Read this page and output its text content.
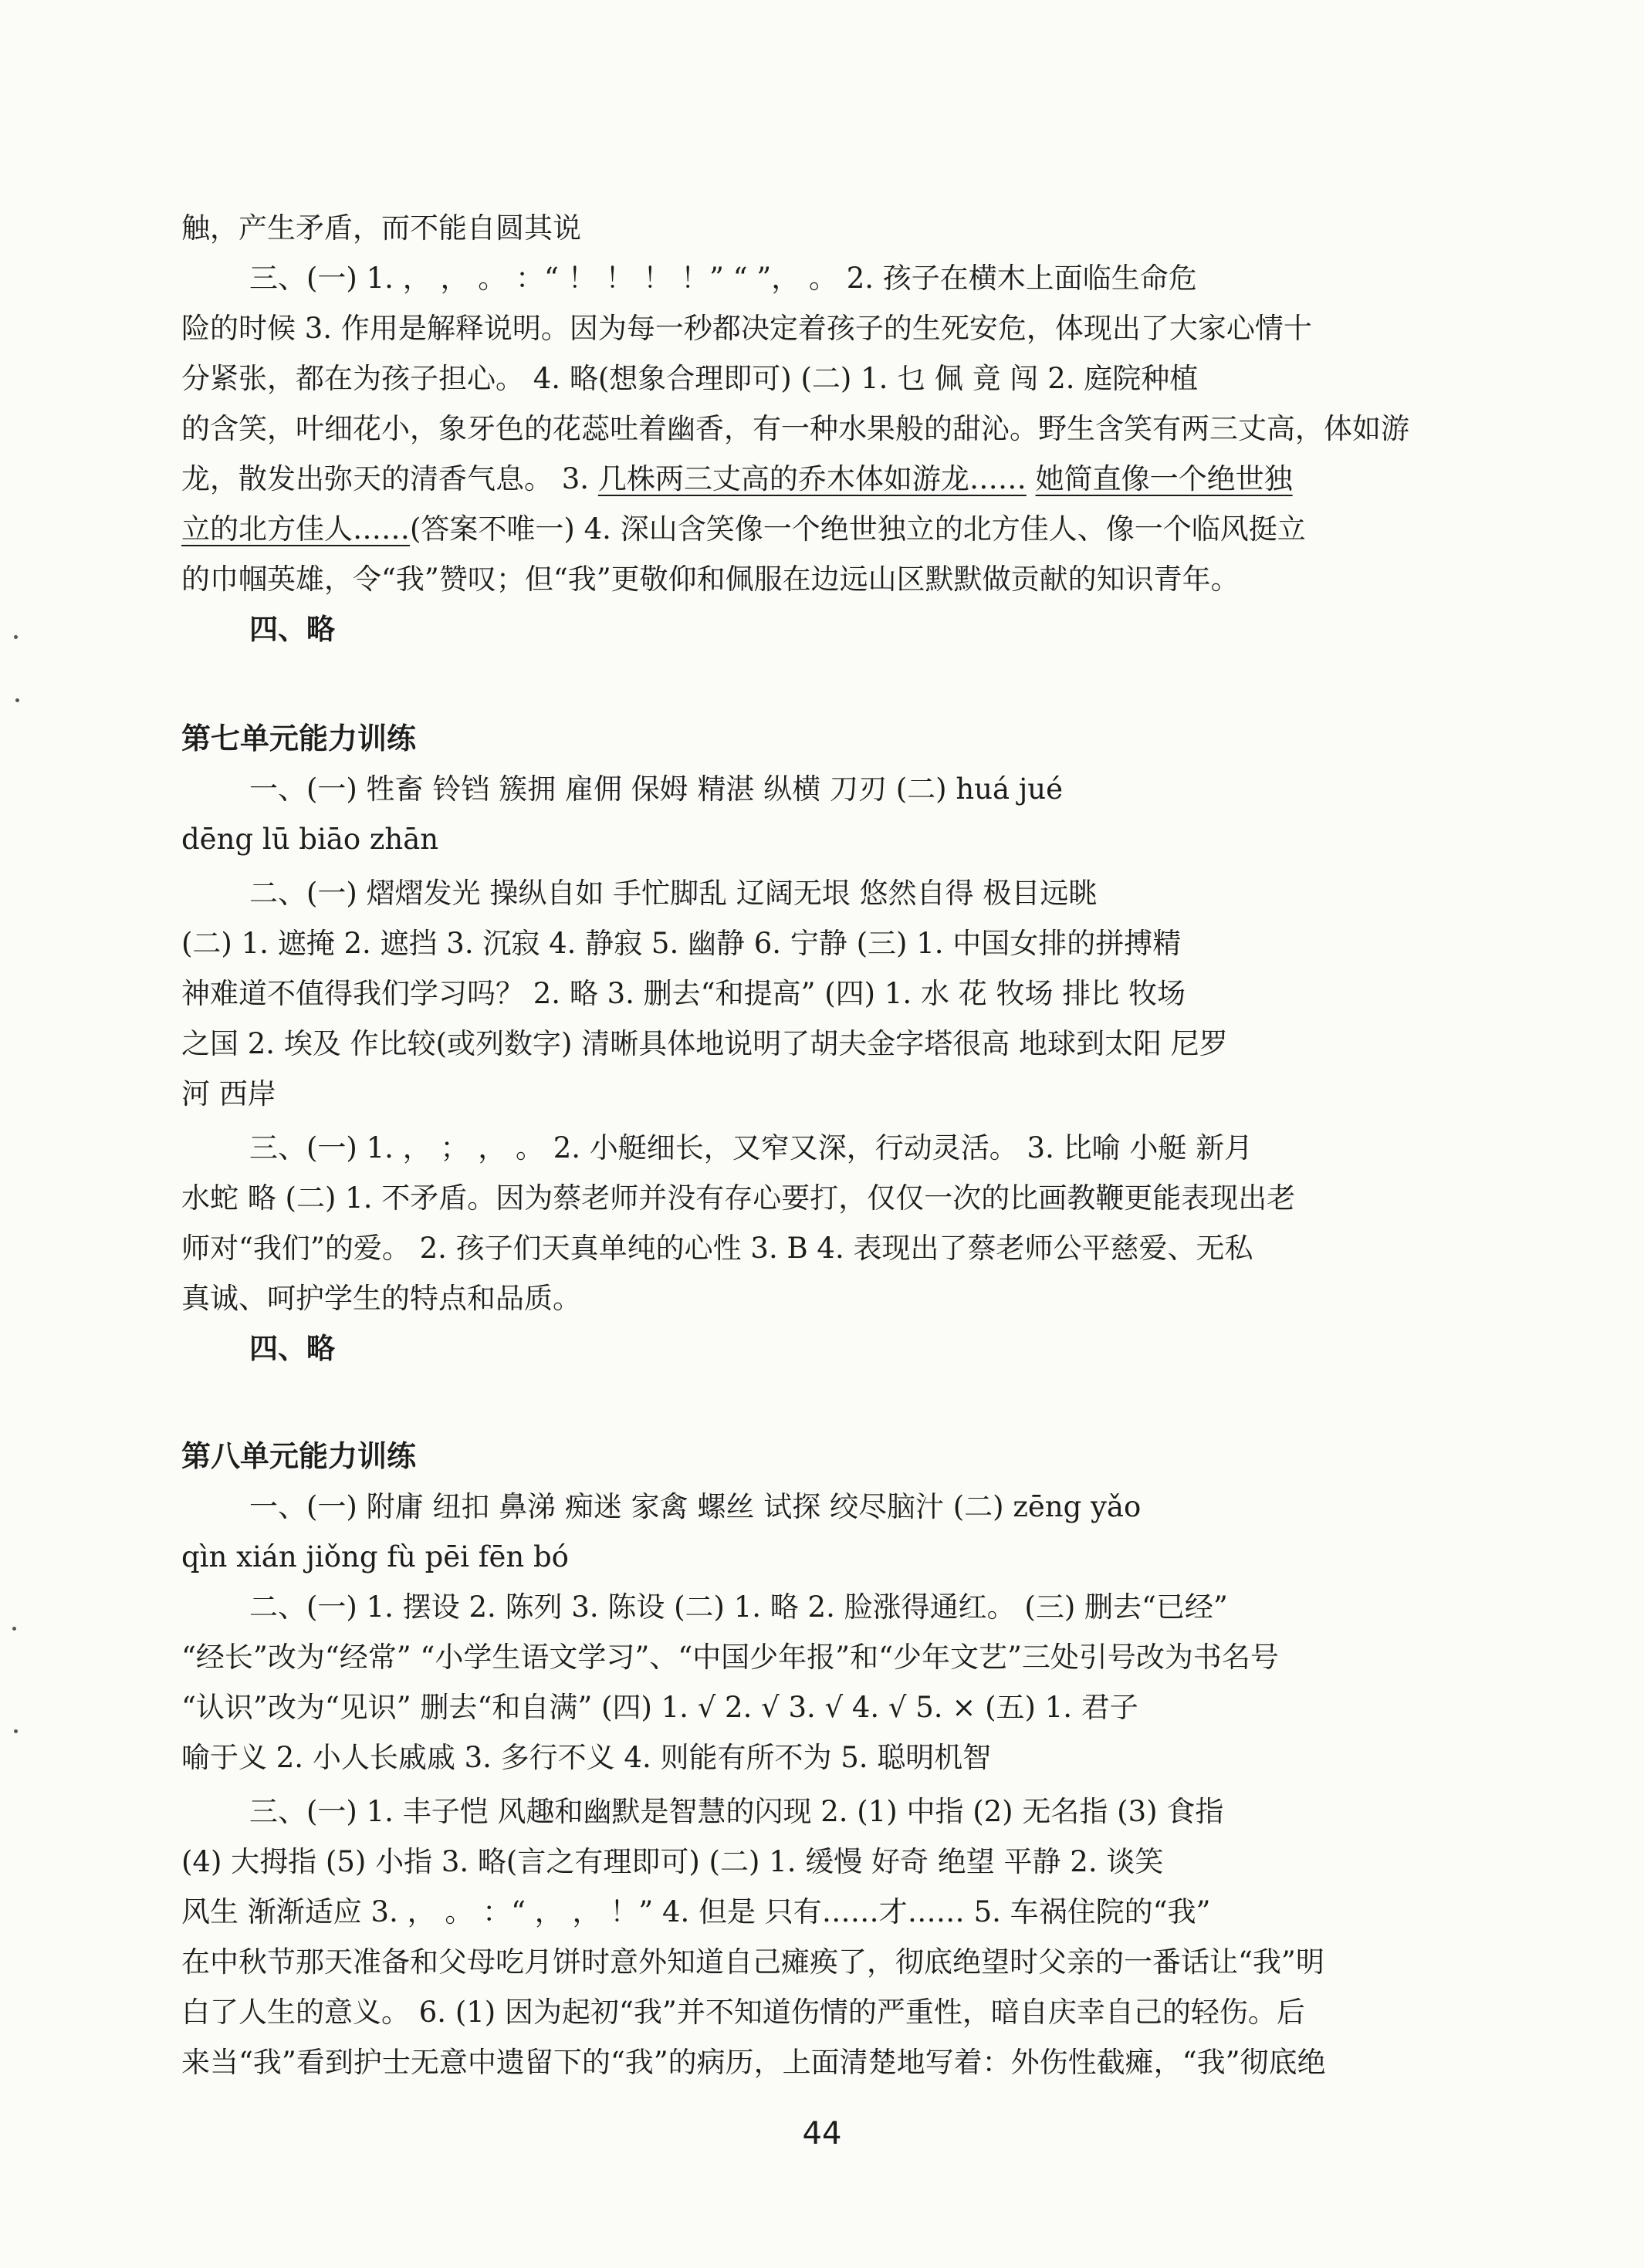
触，产生矛盾，而不能自圆其说

三、(一) 1. ， ， 。 ：“ ！ ！ ！ ！” “ ”， 。 2. 孩子在横木上面临生命危

险的时候 3. 作用是解释说明。因为每一秒都决定着孩子的生死安危，体现出了大家心情十

分紧张，都在为孩子担心。 4. 略(想象合理即可) (二) 1. 乜 佩 竟 闯 2. 庭院种植

的含笑，叶细花小，象牙色的花蕊吐着幽香，有一种水果般的甜沁。野生含笑有两三丈高，体如游

龙，散发出弥天的清香气息。 3. 几株两三丈高的乔木体如游龙…… 她简直像一个绝世独

立的北方佳人……(答案不唯一) 4. 深山含笑像一个绝世独立的北方佳人、像一个临风挺立

的巾帼英雄，令“我”赞叹；但“我”更敬仰和佩服在边远山区默默做贡献的知识青年。

四、略

第七单元能力训练

一、(一) 牲畜 铃铛 簇拥 雇佣 保姆 精湛 纵横 刀刃 (二) huá jué

dēng lū biāo zhān

二、(一) 熠熠发光 操纵自如 手忙脚乱 辽阔无垠 悠然自得 极目远眺

(二) 1. 遮掩 2. 遮挡 3. 沉寂 4. 静寂 5. 幽静 6. 宁静 (三) 1. 中国女排的拼搏精

神难道不值得我们学习吗？ 2. 略 3. 删去“和提高” (四) 1. 水 花 牧场 排比 牧场

之国 2. 埃及 作比较(或列数字) 清晰具体地说明了胡夫金字塔很高 地球到太阳 尼罗

河 西岸

三、(一) 1. ， ； ， 。 2. 小艇细长，又窄又深，行动灵活。 3. 比喻 小艇 新月

水蛇 略 (二) 1. 不矛盾。因为蔡老师并没有存心要打，仅仅一次的比画教鞭更能表现出老

师对“我们”的爱。 2. 孩子们天真单纯的心性 3. B 4. 表现出了蔡老师公平慈爱、无私

真诚、呵护学生的特点和品质。

四、略

第八单元能力训练

一、(一) 附庸 纽扣 鼻涕 痴迷 家禽 螺丝 试探 绞尽脑汁 (二) zēng yǎo

qìn xián jiǒng fù pēi fēn bó

二、(一) 1. 摆设 2. 陈列 3. 陈设 (二) 1. 略 2. 脸涨得通红。 (三) 删去“已经”

“经长”改为“经常” “小学生语文学习”、“中国少年报”和“少年文艺”三处引号改为书名号

“认识”改为“见识” 删去“和自满” (四) 1. √ 2. √ 3. √ 4. √ 5. × (五) 1. 君子

喻于义 2. 小人长戚戚 3. 多行不义 4. 则能有所不为 5. 聪明机智

三、(一) 1. 丰子恺 风趣和幽默是智慧的闪现 2. (1) 中指 (2) 无名指 (3) 食指

(4) 大拇指 (5) 小指 3. 略(言之有理即可) (二) 1. 缓慢 好奇 绝望 平静 2. 谈笑

风生 渐渐适应 3. ， 。 ：“ ， ， ！” 4. 但是 只有……才…… 5. 车祸住院的“我”

在中秋节那天准备和父母吃月饼时意外知道自己瘫痪了，彻底绝望时父亲的一番话让“我”明

白了人生的意义。 6. (1) 因为起初“我”并不知道伤情的严重性，暗自庆幸自己的轻伤。后

来当“我”看到护士无意中遗留下的“我”的病历，上面清楚地写着：外伤性截瘫，“我”彻底绝

44
